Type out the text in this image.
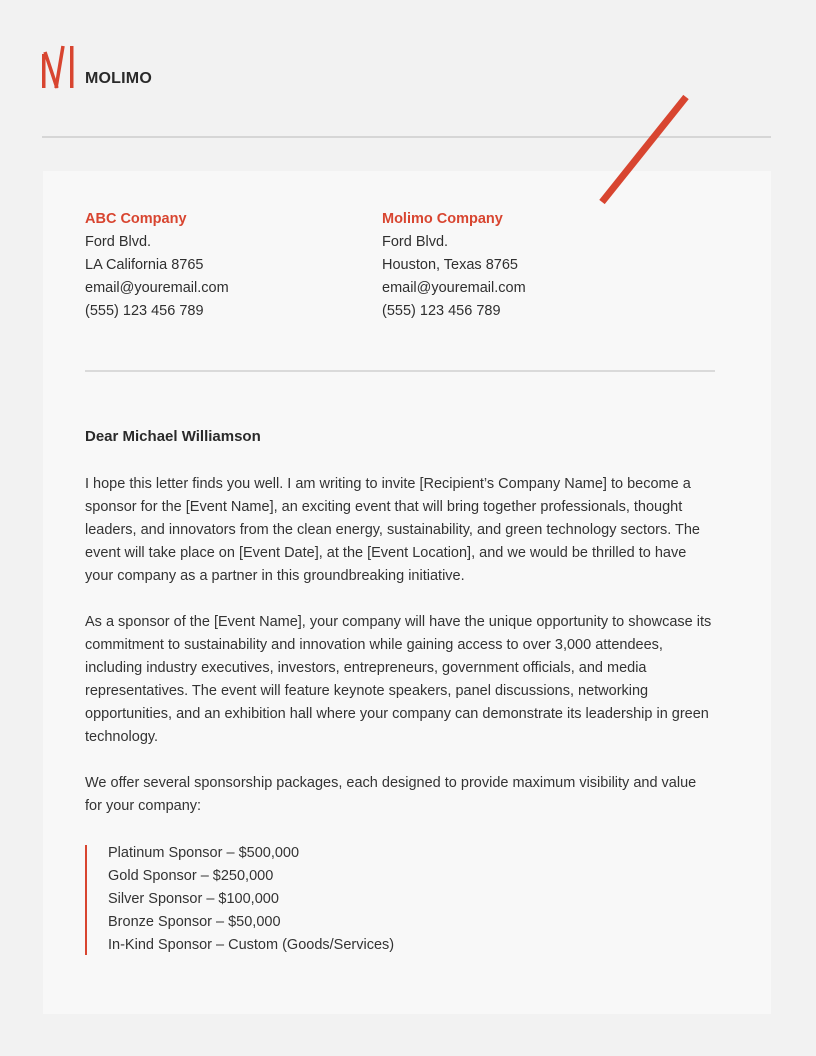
MOLIMO
ABC Company
Ford Blvd.
LA California 8765
email@youremail.com
(555) 123 456 789
Molimo Company
Ford Blvd.
Houston, Texas 8765
email@youremail.com
(555) 123 456 789
Dear Michael Williamson

I hope this letter finds you well. I am writing to invite [Recipient’s Company Name] to become a sponsor for the [Event Name], an exciting event that will bring together professionals, thought leaders, and innovators from the clean energy, sustainability, and green technology sectors. The event will take place on [Event Date], at the [Event Location], and we would be thrilled to have your company as a partner in this groundbreaking initiative.

As a sponsor of the [Event Name], your company will have the unique opportunity to showcase its commitment to sustainability and innovation while gaining access to over 3,000 attendees, including industry executives, investors, entrepreneurs, government officials, and media representatives. The event will feature keynote speakers, panel discussions, networking opportunities, and an exhibition hall where your company can demonstrate its leadership in green technology.

We offer several sponsorship packages, each designed to provide maximum visibility and value for your company:

Platinum Sponsor – $500,000
Gold Sponsor – $250,000
Silver Sponsor – $100,000
Bronze Sponsor – $50,000
In-Kind Sponsor – Custom (Goods/Services)
